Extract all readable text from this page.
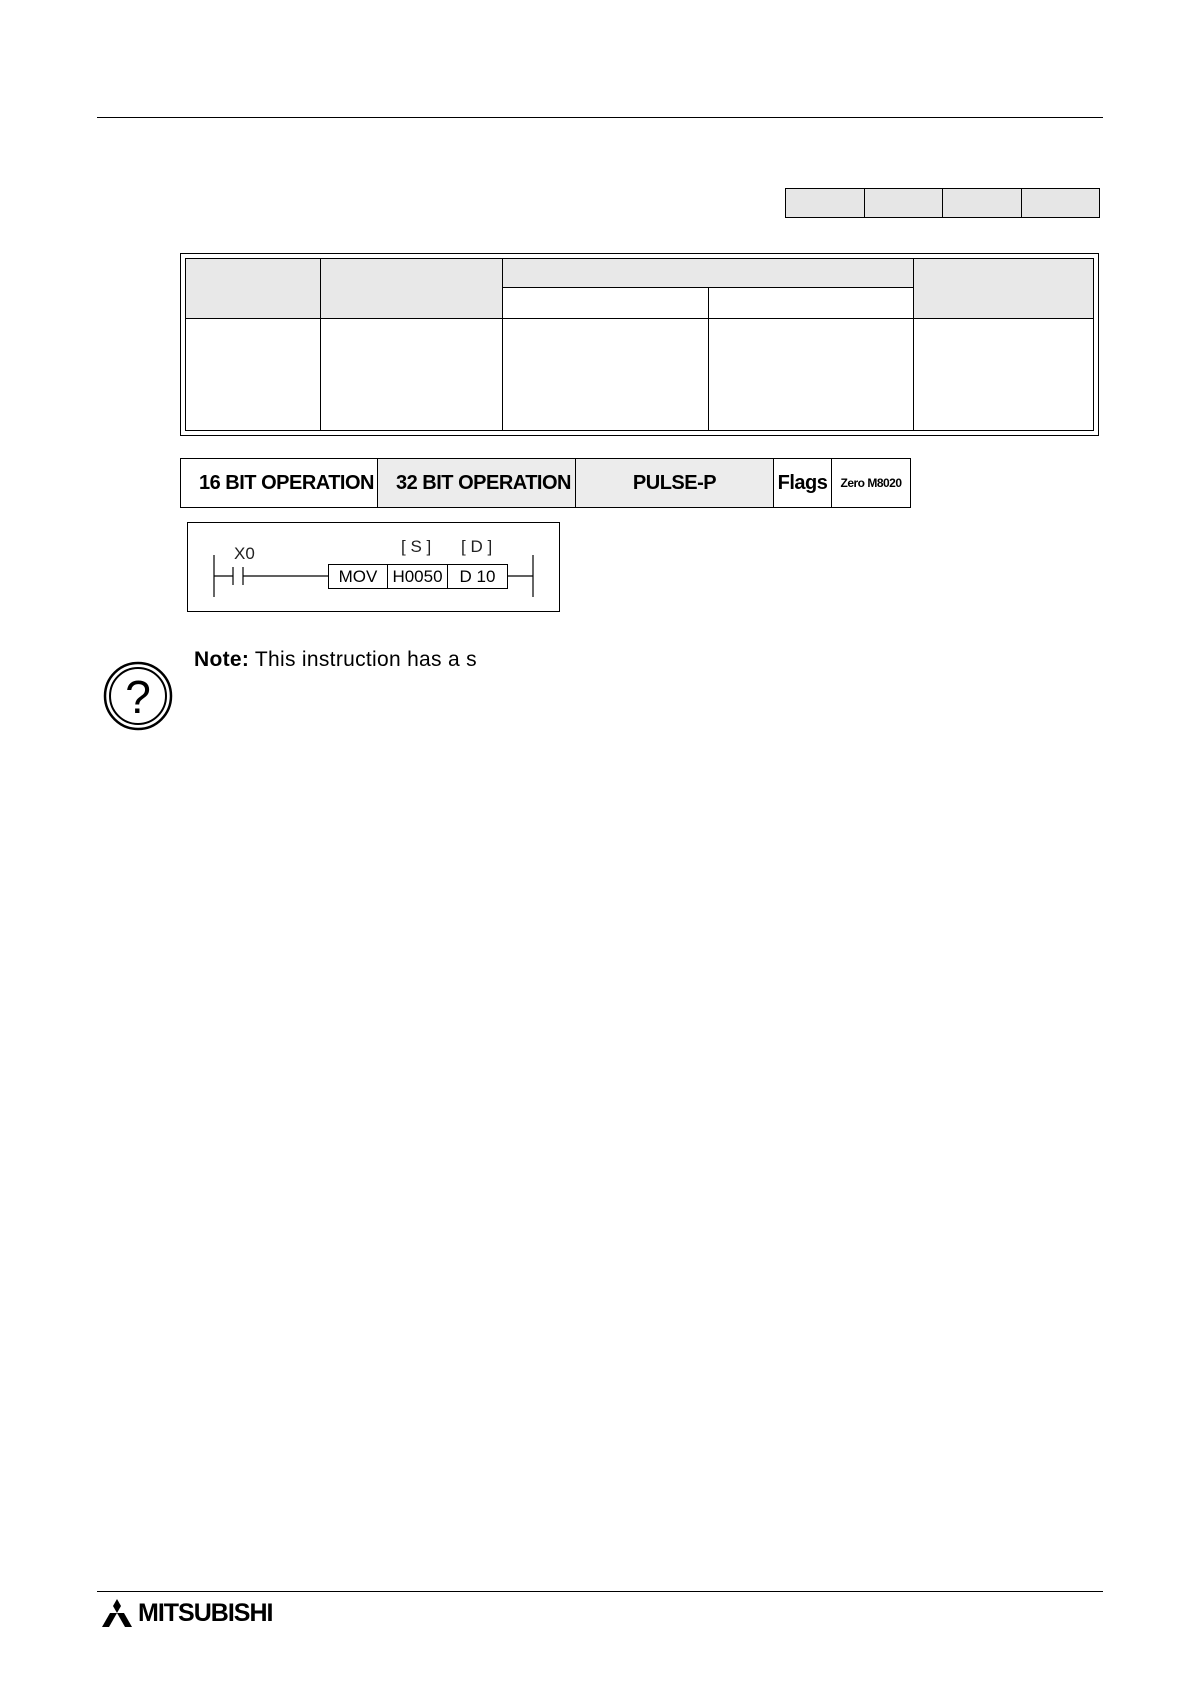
16 BIT OPERATION	32 BIT OPERATION	PULSE-P	Flags	Zero M8020
X0	[ S ] [ D ]
MOV H0050 D 10
?
Note: This instruction has a s
MITSUBISHI
